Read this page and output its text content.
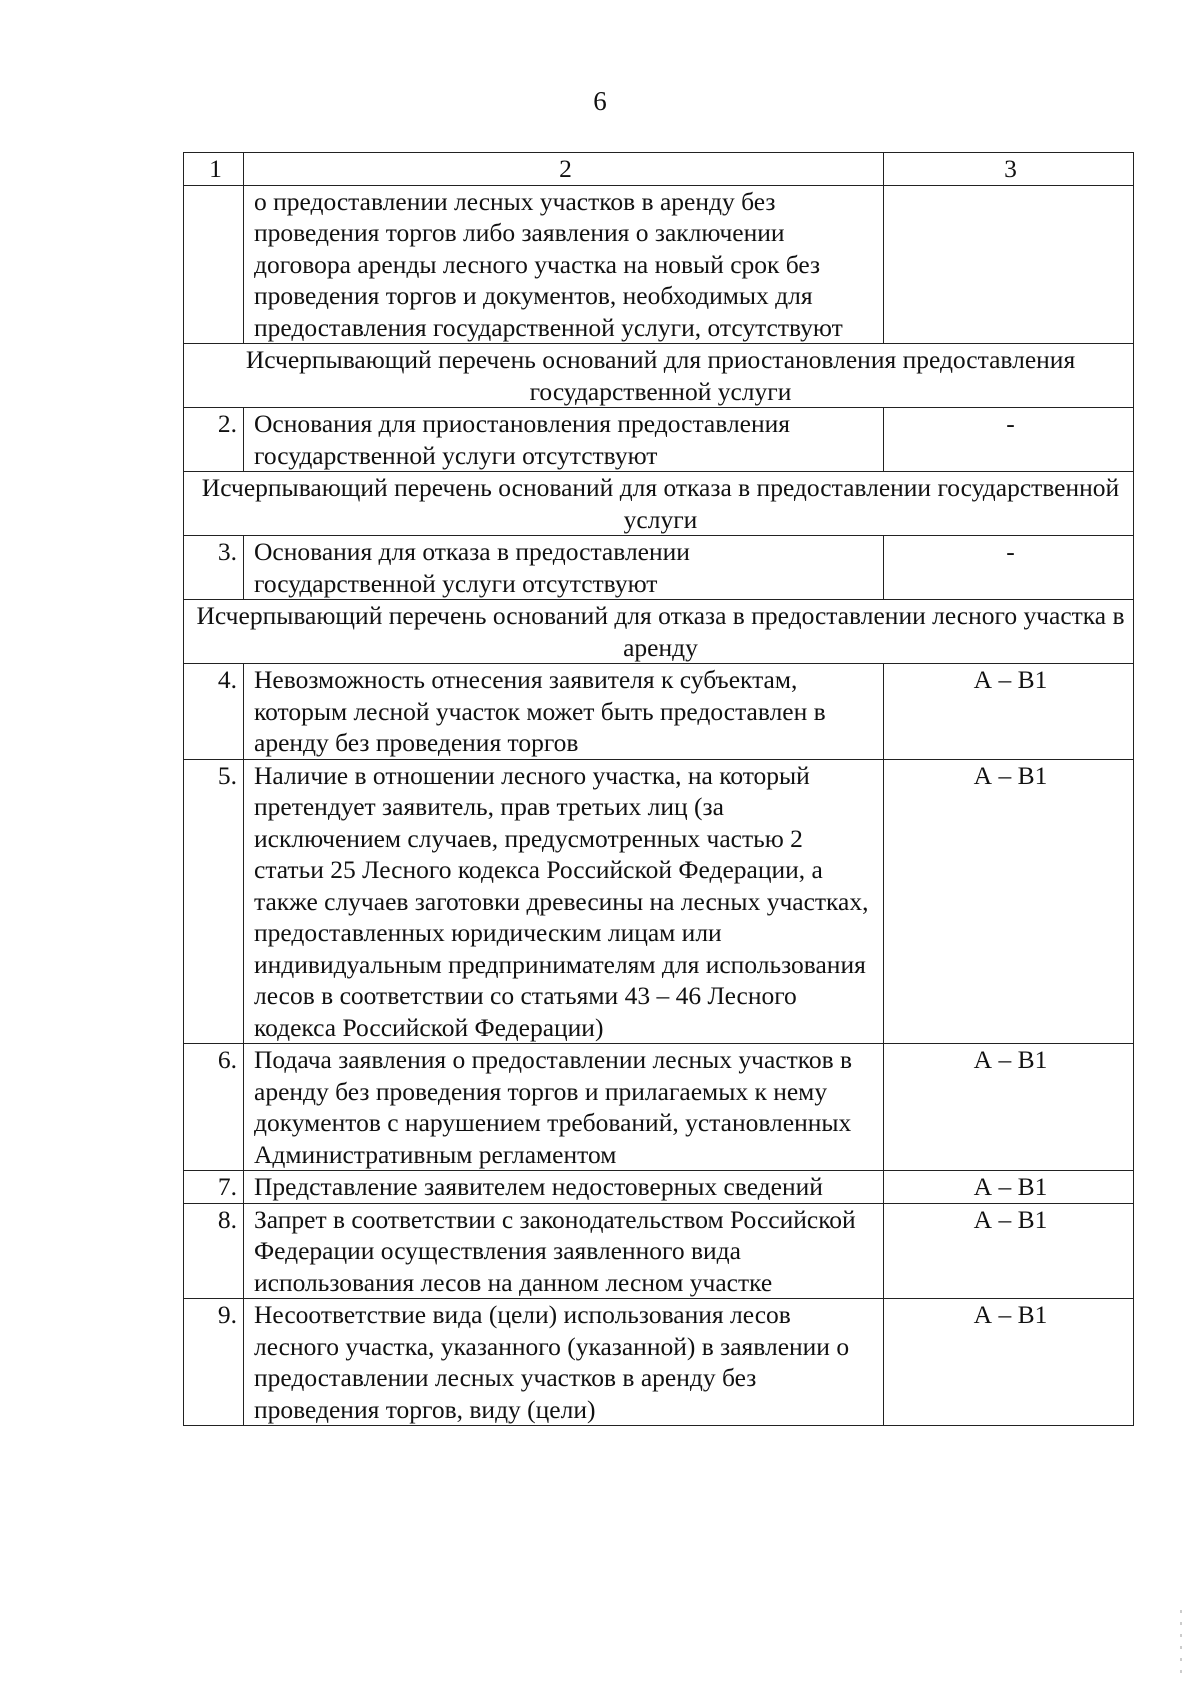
6
1	2	3
	о предоставлении лесных участков в аренду без проведения торгов либо заявления о заключении договора аренды лесного участка на новый срок без проведения торгов и документов, необходимых для предоставления государственной услуги, отсутствуют	
Исчерпывающий перечень оснований для приостановления предоставления государственной услуги		
2.	Основания для приостановления предоставления государственной услуги отсутствуют	-
Исчерпывающий перечень оснований для отказа в предоставлении государственной услуги		
3.	Основания для отказа в предоставлении государственной услуги отсутствуют	-
Исчерпывающий перечень оснований для отказа в предоставлении лесного участка в аренду		
4.	Невозможность отнесения заявителя к субъектам, которым лесной участок может быть предоставлен в аренду без проведения торгов	А – В1
5.	Наличие в отношении лесного участка, на который претендует заявитель, прав третьих лиц (за исключением случаев, предусмотренных частью 2 статьи 25 Лесного кодекса Российской Федерации, а также случаев заготовки древесины на лесных участках, предоставленных юридическим лицам или индивидуальным предпринимателям для использования лесов в соответствии со статьями 43 – 46 Лесного кодекса Российской Федерации)	А – В1
6.	Подача заявления о предоставлении лесных участков в аренду без проведения торгов и прилагаемых к нему документов с нарушением требований, установленных Административным регламентом	А – В1
7.	Представление заявителем недостоверных сведений	А – В1
8.	Запрет в соответствии с законодательством Российской Федерации осуществления заявленного вида использования лесов на данном лесном участке	А – В1
9.	Несоответствие вида (цели) использования лесов лесного участка, указанного (указанной) в заявлении о предоставлении лесных участков в аренду без проведения торгов, виду (цели)	А – В1
